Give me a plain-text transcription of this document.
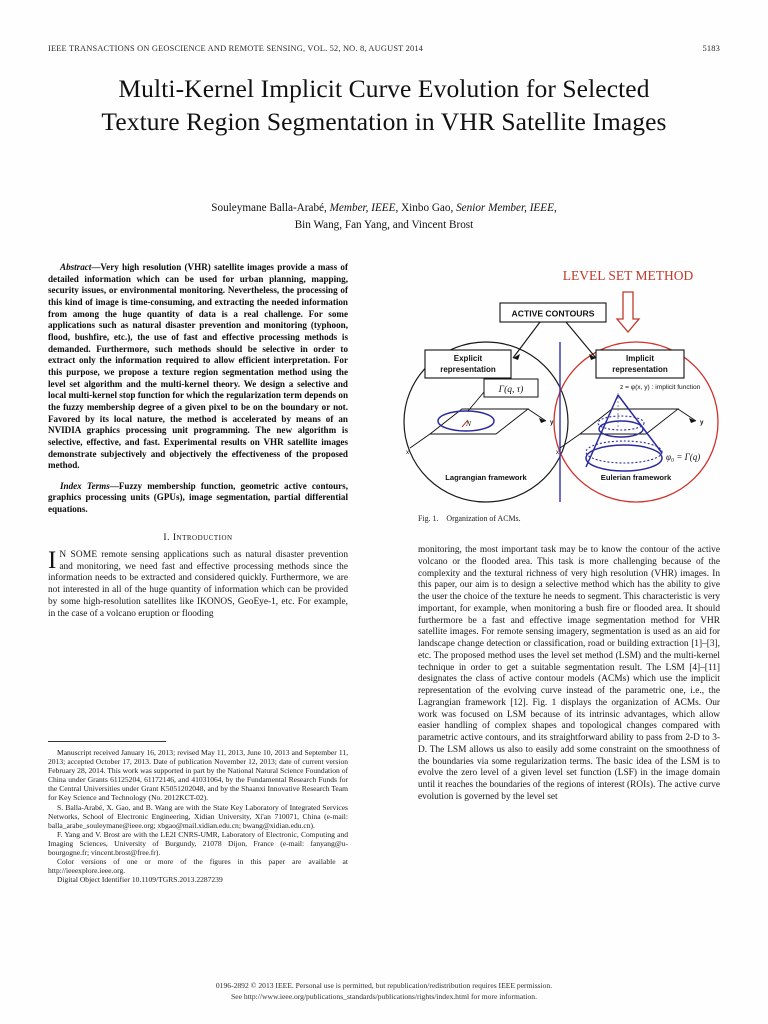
IEEE TRANSACTIONS ON GEOSCIENCE AND REMOTE SENSING, VOL. 52, NO. 8, AUGUST 2014	5183
Multi-Kernel Implicit Curve Evolution for Selected Texture Region Segmentation in VHR Satellite Images
Souleymane Balla-Arabé, Member, IEEE, Xinbo Gao, Senior Member, IEEE,
Bin Wang, Fan Yang, and Vincent Brost

Abstract—Very high resolution (VHR) satellite images provide a mass of detailed information which can be used for urban planning, mapping, security issues, or environmental monitoring. Nevertheless, the processing of this kind of image is time-consuming, and extracting the needed information from among the huge quantity of data is a real challenge. For some applications such as natural disaster prevention and monitoring (typhoon, flood, bushfire, etc.), the use of fast and effective processing methods is demanded. Furthermore, such methods should be selective in order to extract only the information required to allow efficient interpretation. For this purpose, we propose a texture region segmentation method using the level set algorithm and the multi-kernel theory. We design a selective and local multi-kernel stop function for which the regularization term depends on the fuzzy membership degree of a given pixel to be on the boundary or not. Favored by its local nature, the method is accelerated by means of an NVIDIA graphics processing unit programming. The new algorithm is selective, effective, and fast. Experimental results on VHR satellite images demonstrate subjectively and objectively the effectiveness of the proposed method.

Index Terms—Fuzzy membership function, geometric active contours, graphics processing units (GPUs), image segmentation, partial differential equations.

I. Introduction

I N SOME remote sensing applications such as natural disaster prevention and monitoring, we need fast and effective processing methods since the information needs to be extracted and considered quickly. Furthermore, we are not interested in all of the huge quantity of information which can be provided by some high-resolution satellites like IKONOS, GeoEye-1, etc. For example, in the case of a volcano eruption or flooding

Manuscript received January 16, 2013; revised May 11, 2013, June 10, 2013 and September 11, 2013; accepted October 17, 2013. Date of publication November 12, 2013; date of current version February 28, 2014. This work was supported in part by the National Natural Science Foundation of China under Grants 61125204, 61172146, and 41031064, by the Fundamental Research Funds for the Central Universities under Grant K5051202048, and by the Shaanxi Innovative Research Team for Key Science and Technology (No. 2012KCT-02).

S. Balla-Arabé, X. Gao, and B. Wang are with the State Key Laboratory of Integrated Services Networks, School of Electronic Engineering, Xidian University, Xi'an 710071, China (e-mail: balla_arabe_souleymane@ieee.org; xbgao@mail.xidian.edu.cn; bwang@xidian.edu.cn).

F. Yang and V. Brost are with the LE2I CNRS-UMR, Laboratory of Electronic, Computing and Imaging Sciences, University of Burgundy, 21078 Dijon, France (e-mail: fanyang@u-bourgogne.fr; vincent.brost@free.fr).

Color versions of one or more of the figures in this paper are available at http://ieeexplore.ieee.org.

Digital Object Identifier 10.1109/TGRS.2013.2287239

LEVEL SET METHOD
ACTIVE CONTOURS
Explicit
representation
Implicit
representation
x
y
N
Γ(q, τ)
Lagrangian framework
x
y
z = φ(x, y) : implicit function
φ₀ = Γ(q)
Eulerian framework
Fig. 1. Organization of ACMs.

monitoring, the most important task may be to know the contour of the active volcano or the flooded area. This task is more challenging because of the complexity and the textural richness of very high resolution (VHR) images. In this paper, our aim is to design a selective method which has the ability to give the user the choice of the texture he needs to segment. This characteristic is very important, for example, when monitoring a bush fire or flooded area. It should furthermore be a fast and effective image segmentation method for VHR satellite images. For remote sensing imagery, segmentation is used as an aid for landscape change detection or classification, road or building extraction [1]–[3], etc. The proposed method uses the level set method (LSM) and the multi-kernel technique in order to get a suitable segmentation result. The LSM [4]–[11] designates the class of active contour models (ACMs) which use the implicit representation of the evolving curve instead of the parametric one, i.e., the Lagrangian framework [12]. Fig. 1 displays the organization of ACMs. Our work was focused on LSM because of its intrinsic advantages, which allow easier handling of complex shapes and topological changes compared with parametric active contours, and its straightforward ability to pass from 2-D to 3-D. The LSM allows us also to easily add some constraint on the smoothness of the boundaries via some regularization terms. The basic idea of the LSM is to evolve the zero level of a given level set function (LSF) in the image domain until it reaches the boundaries of the regions of interest (ROIs). The active curve evolution is governed by the level set

0196-2892 © 2013 IEEE. Personal use is permitted, but republication/redistribution requires IEEE permission.
See http://www.ieee.org/publications_standards/publications/rights/index.html for more information.
